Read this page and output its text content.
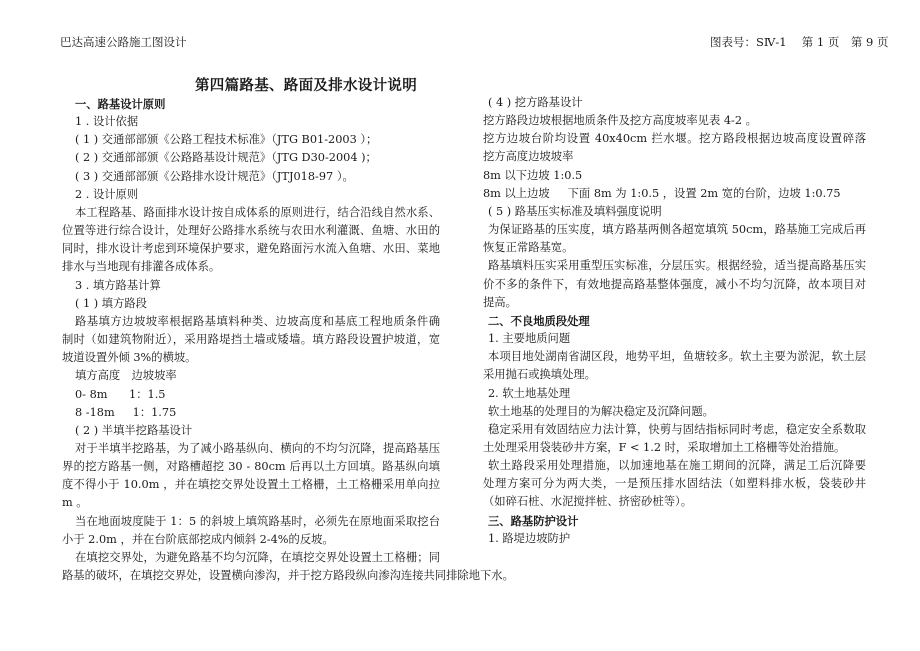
巴达高速公路施工图设计	图表号：SⅣ-1　 第 1 页　第 9 页
第四篇路基、路面及排水设计说明
一、路基设计原则
1 . 设计依据
( 1 ) 交通部部颁《公路工程技术标准》（JTG B01-2003 ）；
( 2 ) 交通部部颁《公路路基设计规范》（JTG D30-2004 )；
( 3 ) 交通部部颁《公路排水设计规范》（JTJ018-97 ）。
2 . 设计原则
本工程路基、路面排水设计按自成体系的原则进行，结合沿线自然水系、
位置等进行综合设计，处理好公路排水系统与农田水利灌溉、鱼塘、水田的
同时，排水设计考虑到环境保护要求，避免路面污水流入鱼塘、水田、菜地
排水与当地现有排灌各成体系。
3 . 填方路基计算
( 1 ) 填方路段
路基填方边坡坡率根据路基填料种类、边坡高度和基底工程地质条件确
制时（如建筑物附近），采用路堤挡土墙或矮墙。填方路段设置护坡道，宽
坡道设置外倾 3%的横坡。
填方高度　边坡坡率
0- 8m      1：1.5
8 -18m     1：1.75
( 2 ) 半填半挖路基设计
对于半填半挖路基，为了减小路基纵向、横向的不均匀沉降，提高路基压
界的挖方路基一侧，对路槽超挖 30 - 80cm 后再以土方回填。路基纵向填
度不得小于 10.0m ，并在填挖交界处设置土工格栅，土工格栅采用单向拉
m 。
当在地面坡度陡于 1：5 的斜坡上填筑路基时，必须先在原地面采取挖台
小于 2.0m ，并在台阶底部挖成内倾斜 2-4%的反坡。
在填挖交界处，为避免路基不均匀沉降，在填挖交界处设置土工格栅；同
路基的破坏，在填挖交界处，设置横向渗沟，并于挖方路段纵向渗沟连接共同排除地下水。
( 4 ) 挖方路基设计
挖方路段边坡根据地质条件及挖方高度坡率见表 4-2 。
挖方边坡台阶均设置 40x40cm 拦水堰。挖方路段根据边坡高度设置碎落
挖方高度边坡坡率
8m 以下边坡 1:0.5
8m 以上边坡     下面 8m 为 1:0.5 ，设置 2m 宽的台阶，边坡 1:0.75
( 5 ) 路基压实标准及填料强度说明
为保证路基的压实度，填方路基两侧各超宽填筑 50cm，路基施工完成后再
恢复正常路基宽。
路基填料压实采用重型压实标准，分层压实。根据经验，适当提高路基压实
价不多的条件下，有效地提高路基整体强度，减小不均匀沉降，故本项目对
提高。
二、不良地质段处理
1. 主要地质问题
本项目地处湖南省湖区段，地势平坦，鱼塘较多。软土主要为淤泥，软土层
采用抛石或换填处理。
2. 软土地基处理
软土地基的处理目的为解决稳定及沉降问题。
稳定采用有效固结应力法计算，快剪与固结指标同时考虑，稳定安全系数取
土处理采用袋装砂井方案，F < 1.2 时，采取增加土工格栅等处治措施。
软土路段采用处理措施，以加速地基在施工期间的沉降，满足工后沉降要
处理方案可分为两大类，一是预压排水固结法（如塑料排水板，袋装砂井
（如碎石桩、水泥搅拌桩、挤密砂桩等）。
三、路基防护设计
1. 路堤边坡防护
